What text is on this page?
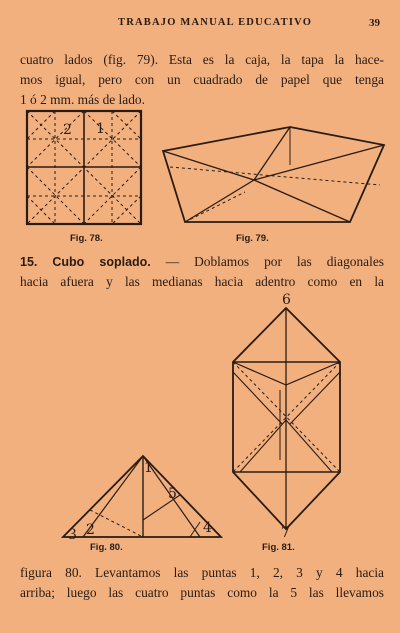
TRABAJO MANUAL EDUCATIVO	39
cuatro lados (fig. 79). Esta es la caja, la tapa la hace-
mos igual, pero con un cuadrado de papel que tenga
1 ó 2 mm. más de lado.
2 1
1
2
3	4
5
6
7
Fig. 78.	Fig. 79.
15. Cubo soplado. — Doblamos por las diagonales
hacia afuera y las medianas hacia adentro como en la
Fig. 80.	Fig. 81.
figura 80. Levantamos las puntas 1, 2, 3 y 4 hacia
arriba; luego las cuatro puntas como la 5 las llevamos
